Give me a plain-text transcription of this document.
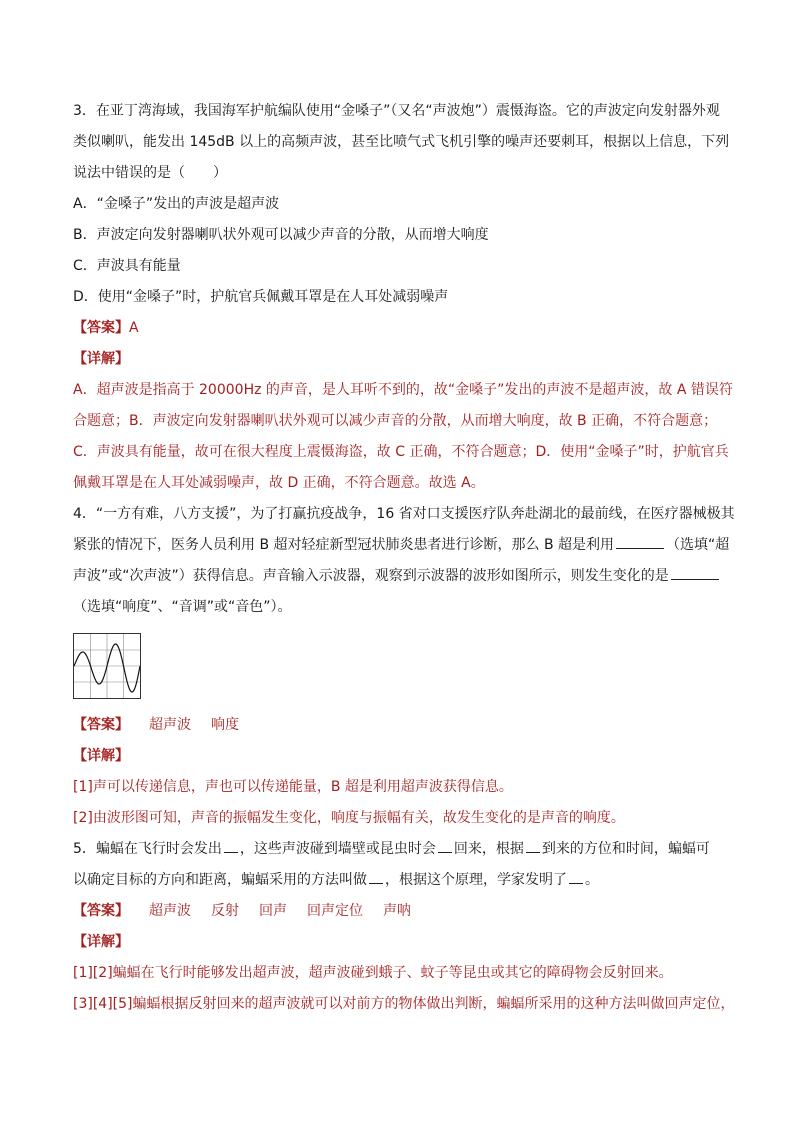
3．在亚丁湾海域，我国海军护航编队使用“金嗓子”（又名“声波炮”）震慑海盗。它的声波定向发射器外观
类似喇叭，能发出 145dB 以上的高频声波，甚至比喷气式飞机引擎的噪声还要刺耳，根据以上信息，下列
说法中错误的是（　　）
A．“金嗓子”发出的声波是超声波
B．声波定向发射器喇叭状外观可以减少声音的分散，从而增大响度
C．声波具有能量
D．使用“金嗓子”时，护航官兵佩戴耳罩是在人耳处减弱噪声
【答案】A
【详解】
A．超声波是指高于 20000Hz 的声音，是人耳听不到的，故“金嗓子”发出的声波不是超声波，故 A 错误符
合题意；B．声波定向发射器喇叭状外观可以减少声音的分散，从而增大响度，故 B 正确，不符合题意；
C．声波具有能量，故可在很大程度上震慑海盗，故 C 正确，不符合题意；D．使用“金嗓子”时，护航官兵
佩戴耳罩是在人耳处减弱噪声，故 D 正确，不符合题意。故选 A。
4．“一方有难，八方支援”，为了打赢抗疫战争，16 省对口支援医疗队奔赴湖北的最前线，在医疗器械极其
紧张的情况下，医务人员利用 B 超对轻症新型冠状肺炎患者进行诊断，那么 B 超是利用	（选填“超
声波”或“次声波”）获得信息。声音输入示波器，观察到示波器的波形如图所示，则发生变化的是
（选填“响度”、“音调”或“音色”）。
【答案】 超声波 响度
【详解】
[1]声可以传递信息，声也可以传递能量，B 超是利用超声波获得信息。
[2]由波形图可知，声音的振幅发生变化，响度与振幅有关，故发生变化的是声音的响度。
5．蝙蝠在飞行时会发出 ，这些声波碰到墙壁或昆虫时会 回来，根据 到来的方位和时间，蝙蝠可
以确定目标的方向和距离，蝙蝠采用的方法叫做 ，根据这个原理，学家发明了 。
【答案】 超声波 反射 回声 回声定位 声呐
【详解】
[1][2]蝙蝠在飞行时能够发出超声波，超声波碰到蛾子、蚊子等昆虫或其它的障碍物会反射回来。
[3][4][5]蝙蝠根据反射回来的超声波就可以对前方的物体做出判断，蝙蝠所采用的这种方法叫做回声定位，
